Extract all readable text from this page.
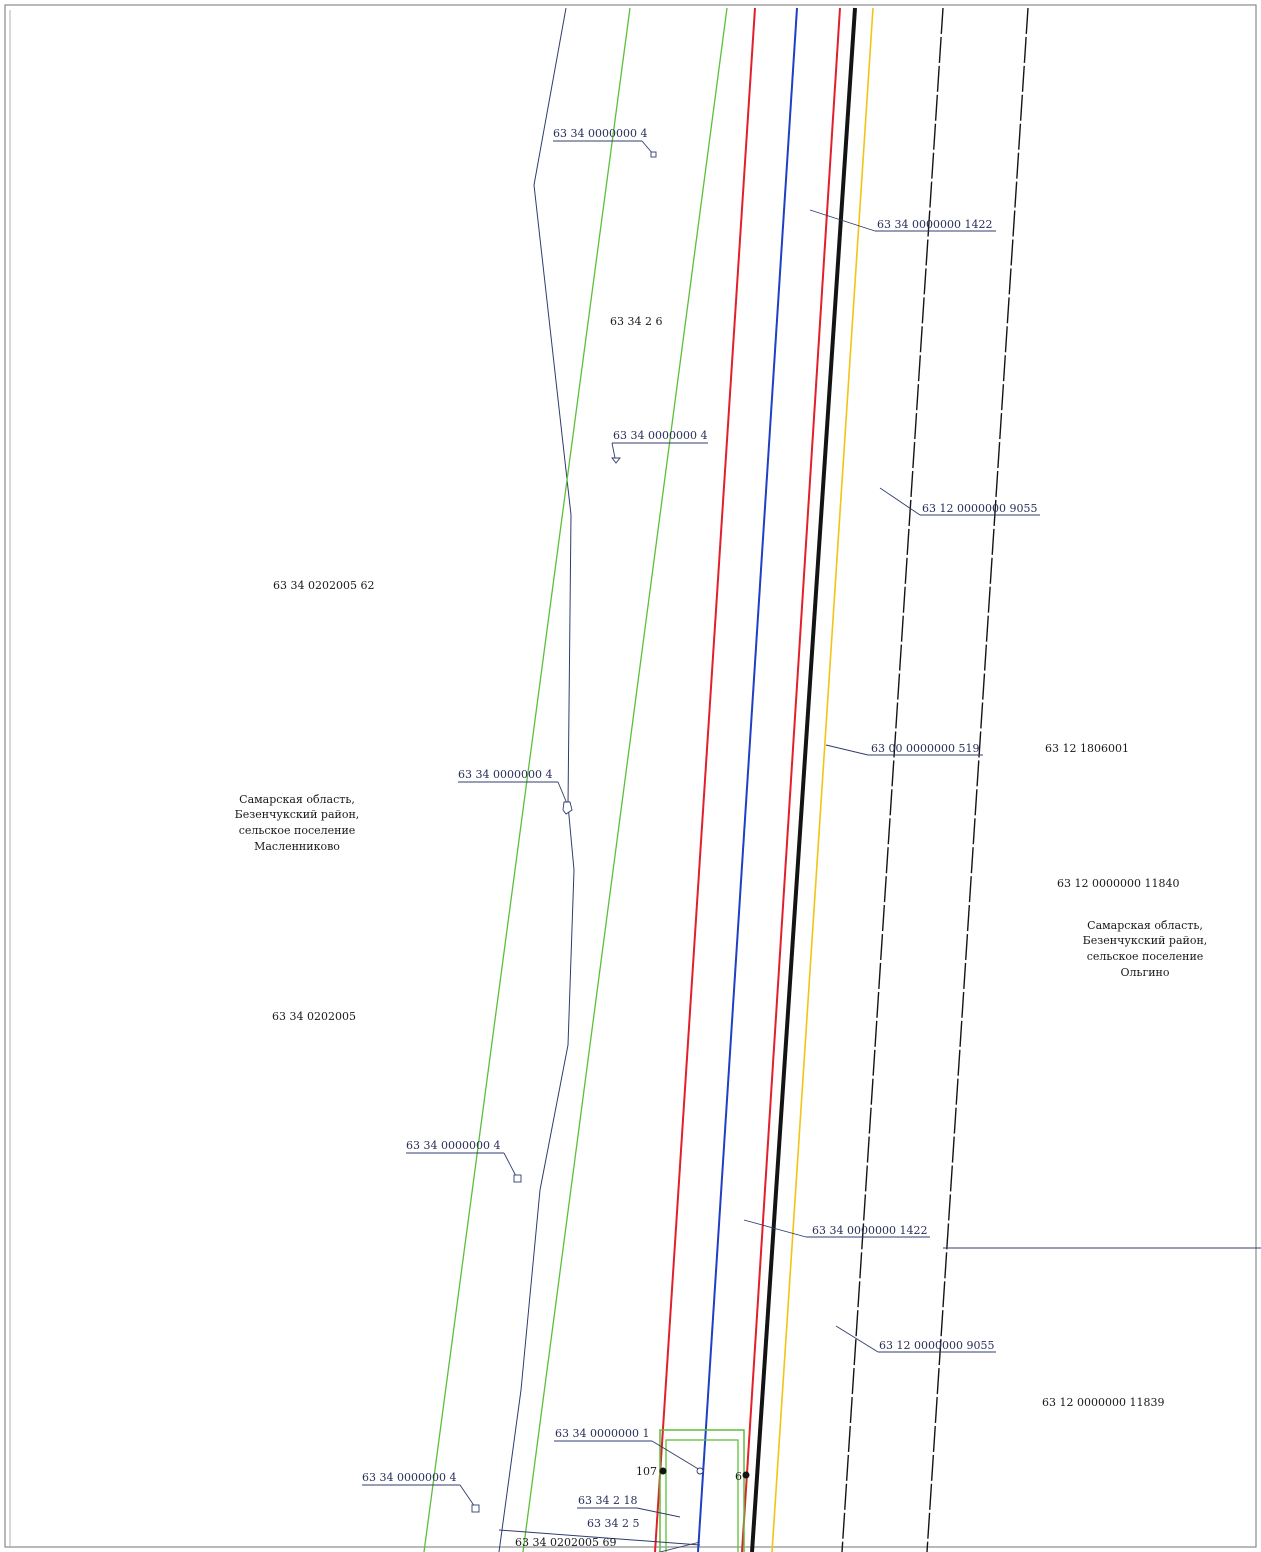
63 34 0000000 4
63 34 0000000 1422
63 34 2 6
63 34 0000000 4
63 12 0000000 9055
63 34 0202005 62
63 00 0000000 519	63 12 1806001
63 34 0000000 4
63 12 0000000 11840
63 34 0202005
63 34 0000000 4
63 34 0000000 1422
63 12 0000000 9055
63 12 0000000 11839
63 34 0000000 1
63 34 0000000 4
63 34 2 18
63 34 2 5
63 34 0202005 69
107	6
Самарская область,
Безенчукский район,
сельское поселение
Масленниково
Самарская область,
Безенчукский район,
сельское поселение
Ольгино
